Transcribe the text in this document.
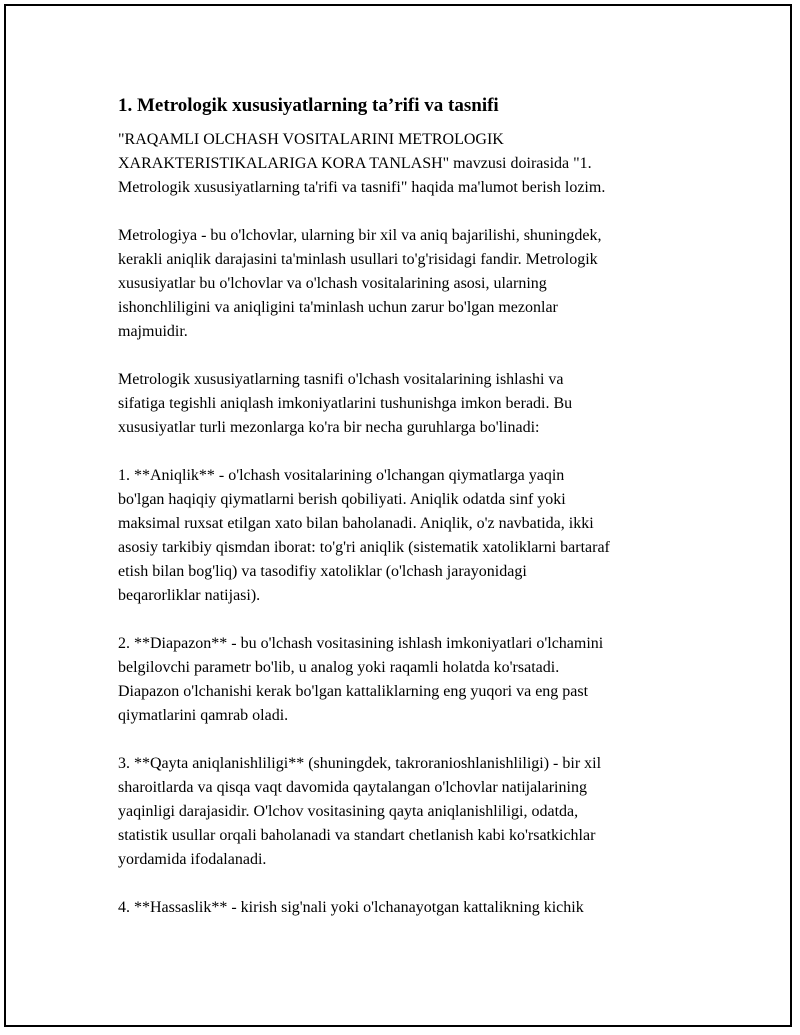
1. Metrologik xususiyatlarning ta’rifi va tasnifi

"RAQAMLI OLCHASH VOSITALARINI METROLOGIK
XARAKTERISTIKALARIGA KORA TANLASH" mavzusi doirasida "1.
Metrologik xususiyatlarning ta'rifi va tasnifi" haqida ma'lumot berish lozim.

Metrologiya - bu o'lchovlar, ularning bir xil va aniq bajarilishi, shuningdek,
kerakli aniqlik darajasini ta'minlash usullari to'g'risidagi fandir. Metrologik
xususiyatlar bu o'lchovlar va o'lchash vositalarining asosi, ularning
ishonchliligini va aniqligini ta'minlash uchun zarur bo'lgan mezonlar
majmuidir.

Metrologik xususiyatlarning tasnifi o'lchash vositalarining ishlashi va
sifatiga tegishli aniqlash imkoniyatlarini tushunishga imkon beradi. Bu
xususiyatlar turli mezonlarga ko'ra bir necha guruhlarga bo'linadi:

1. **Aniqlik** - o'lchash vositalarining o'lchangan qiymatlarga yaqin
bo'lgan haqiqiy qiymatlarni berish qobiliyati. Aniqlik odatda sinf yoki
maksimal ruxsat etilgan xato bilan baholanadi. Aniqlik, o'z navbatida, ikki
asosiy tarkibiy qismdan iborat: to'g'ri aniqlik (sistematik xatoliklarni bartaraf
etish bilan bog'liq) va tasodifiy xatoliklar (o'lchash jarayonidagi
beqarorliklar natijasi).

2. **Diapazon** - bu o'lchash vositasining ishlash imkoniyatlari o'lchamini
belgilovchi parametr bo'lib, u analog yoki raqamli holatda ko'rsatadi.
Diapazon o'lchanishi kerak bo'lgan kattaliklarning eng yuqori va eng past
qiymatlarini qamrab oladi.

3. **Qayta aniqlanishliligi** (shuningdek, takroranioshlanishliligi) - bir xil
sharoitlarda va qisqa vaqt davomida qaytalangan o'lchovlar natijalarining
yaqinligi darajasidir. O'lchov vositasining qayta aniqlanishliligi, odatda,
statistik usullar orqali baholanadi va standart chetlanish kabi ko'rsatkichlar
yordamida ifodalanadi.

4. **Hassaslik** - kirish sig'nali yoki o'lchanayotgan kattalikning kichik
